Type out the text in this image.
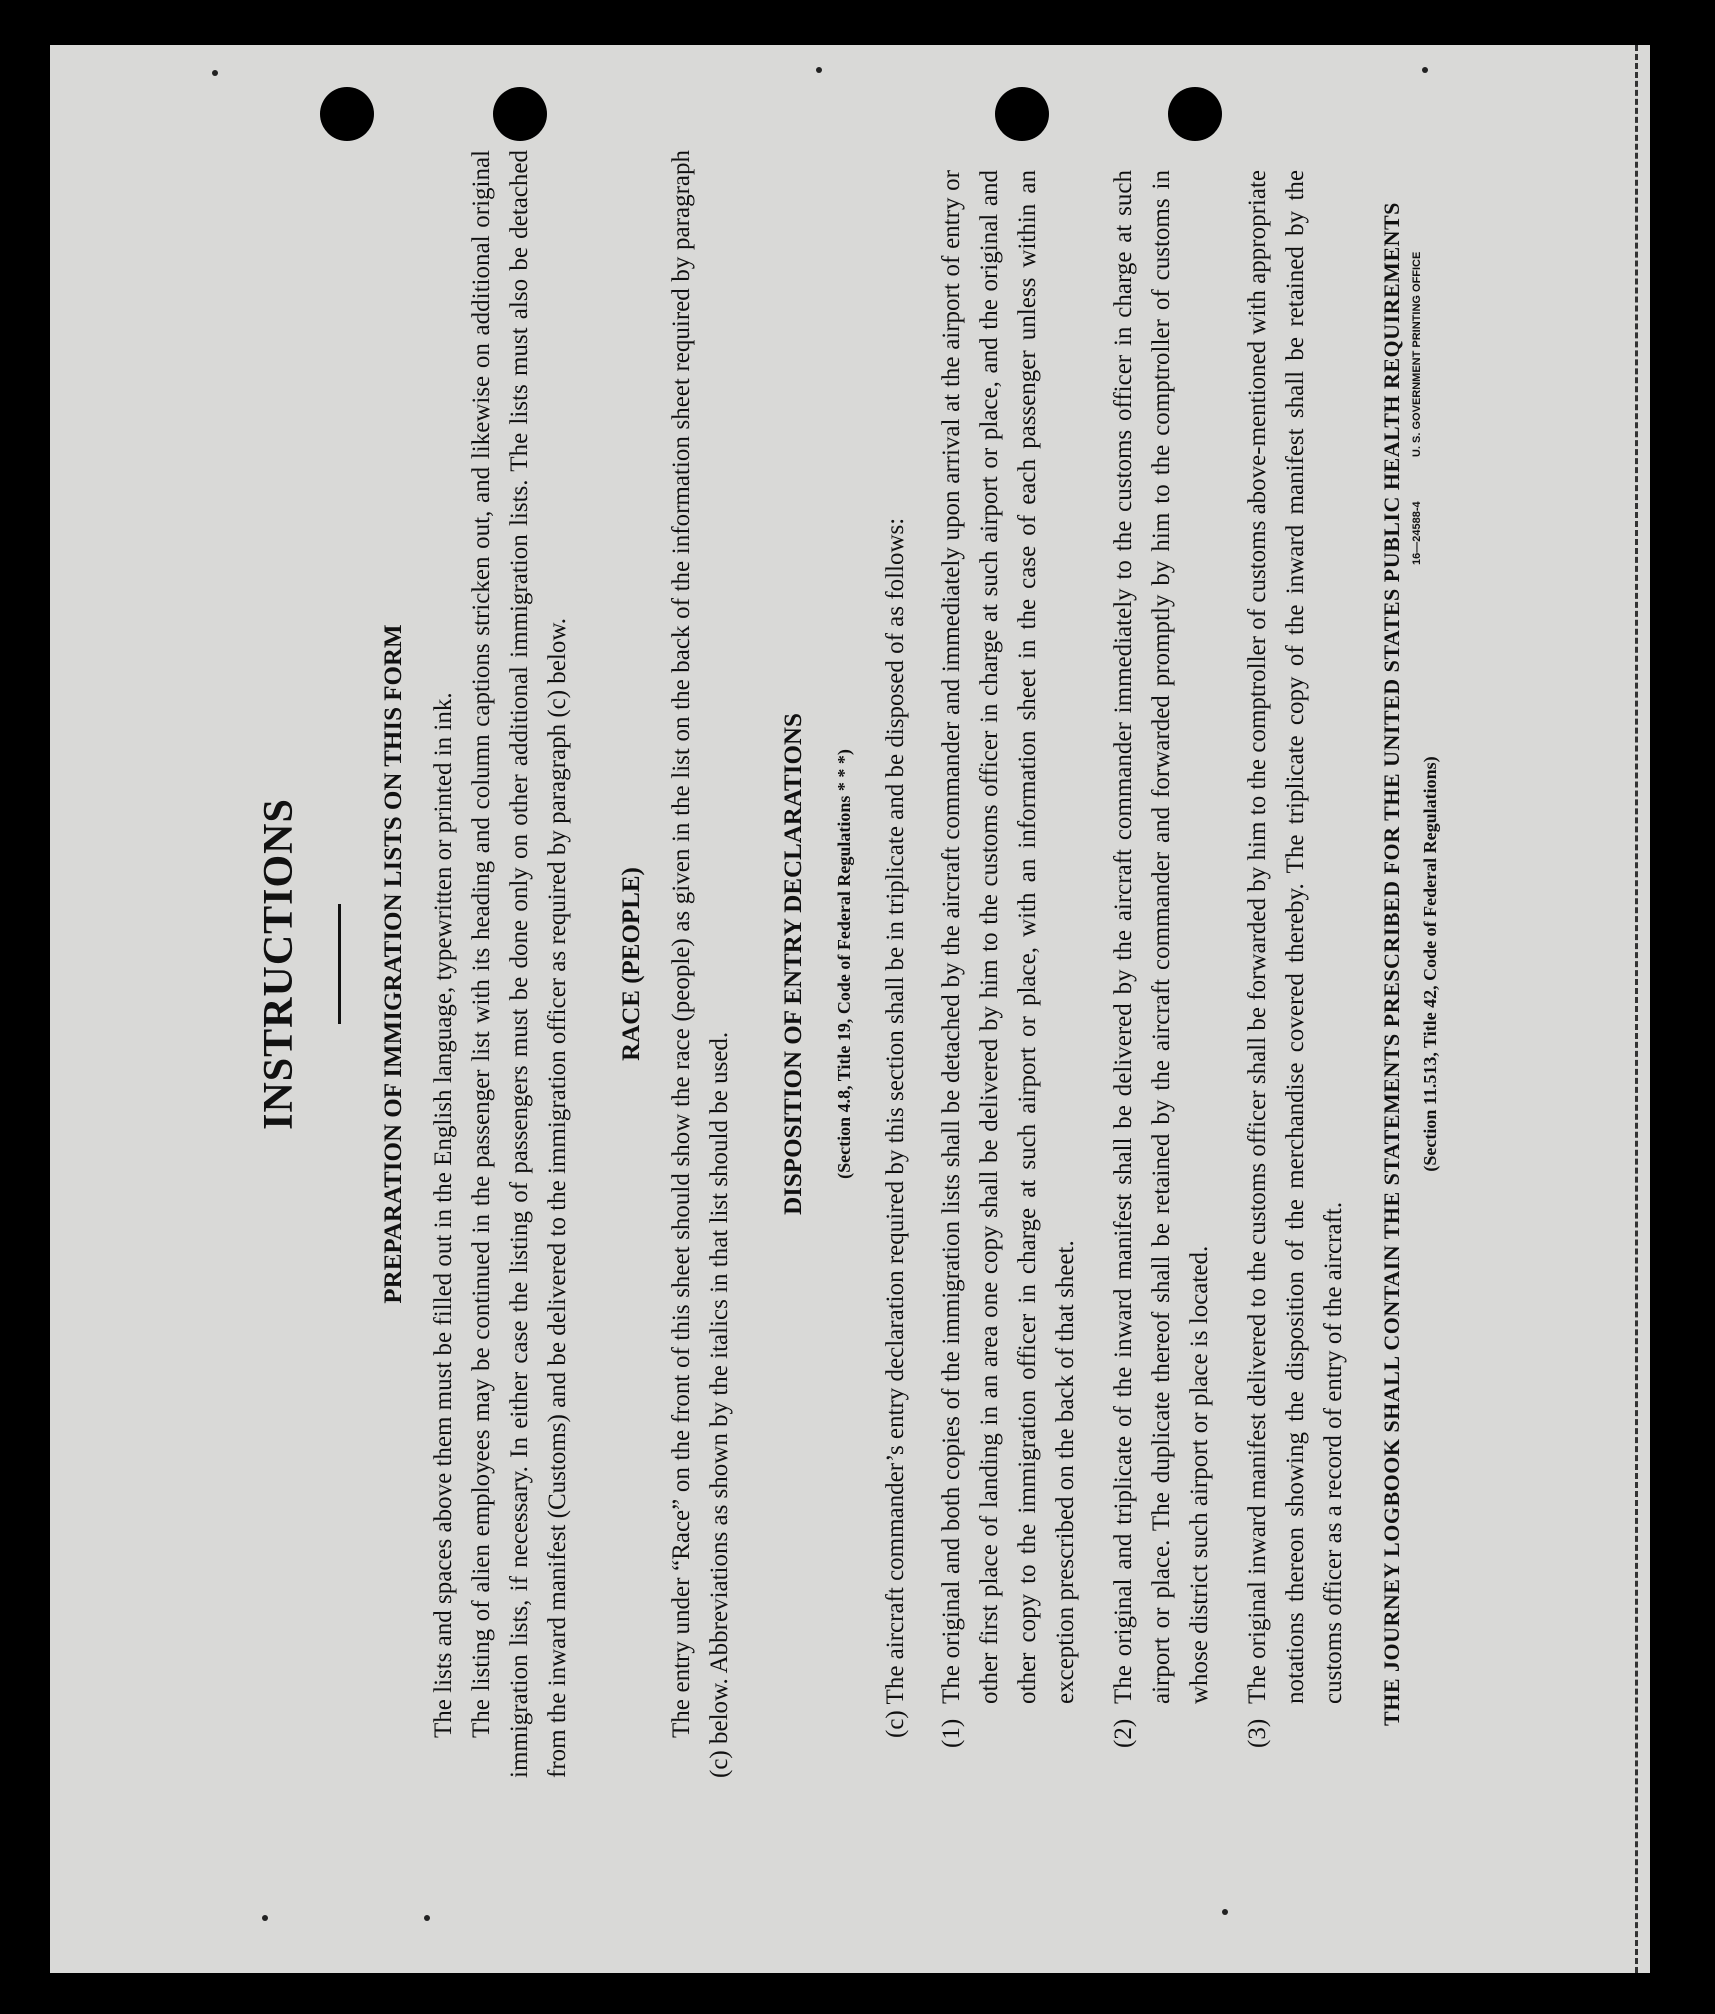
16—24588-4
U. S. GOVERNMENT PRINTING OFFICE
INSTRUCTIONS	PREPARATION OF IMMIGRATION LISTS ON THIS FORM The lists and spaces above them must be filled out in the English language, typewritten or printed in ink. The listing of alien employees may be continued in the passenger list with its heading and column captions stricken out, and likewise on additional original immigration lists, if necessary. In either case the listing of passengers must be done only on other additional immigration lists. The lists must also be detached from the inward manifest (Customs) and be delivered to the immigration officer as required by paragraph (c) below. RACE (PEOPLE) The entry under “Race” on the front of this sheet should show the race (people) as given in the list on the back of the information sheet required by paragraph (c) below. Abbreviations as shown by the italics in that list should be used.

DISPOSITION OF ENTRY DECLARATIONS	(Section 4.8, Title 19, Code of Federal Regulations * * *)	(c) The aircraft commander’s entry declaration required by this section shall be in triplicate and be disposed of as follows: (1)
The original and both copies of the immigration lists shall be detached by the aircraft commander and immediately upon arrival at the airport of entry or other first place of landing in an area one copy shall be delivered by him to the customs officer in charge at such airport or place, and the original and other copy to the immigration officer in charge at such airport or place, with an information sheet in the case of each passenger unless within an exception prescribed on the back of that sheet.
(2)
The original and triplicate of the inward manifest shall be delivered by the aircraft commander immediately to the customs officer in charge at such airport or place. The duplicate thereof shall be retained by the aircraft commander and forwarded promptly by him to the comptroller of customs in whose district such airport or place is located.
(3)
The original inward manifest delivered to the customs officer shall be forwarded by him to the comptroller of customs above-mentioned with appropriate notations thereon showing the disposition of the merchandise covered thereby. The triplicate copy of the inward manifest shall be retained by the customs officer as a record of entry of the aircraft. THE JOURNEY LOGBOOK SHALL CONTAIN THE STATEMENTS PRESCRIBED FOR THE UNITED STATES PUBLIC HEALTH REQUIREMENTS (Section 11.513, Title 42, Code of Federal Regulations)
